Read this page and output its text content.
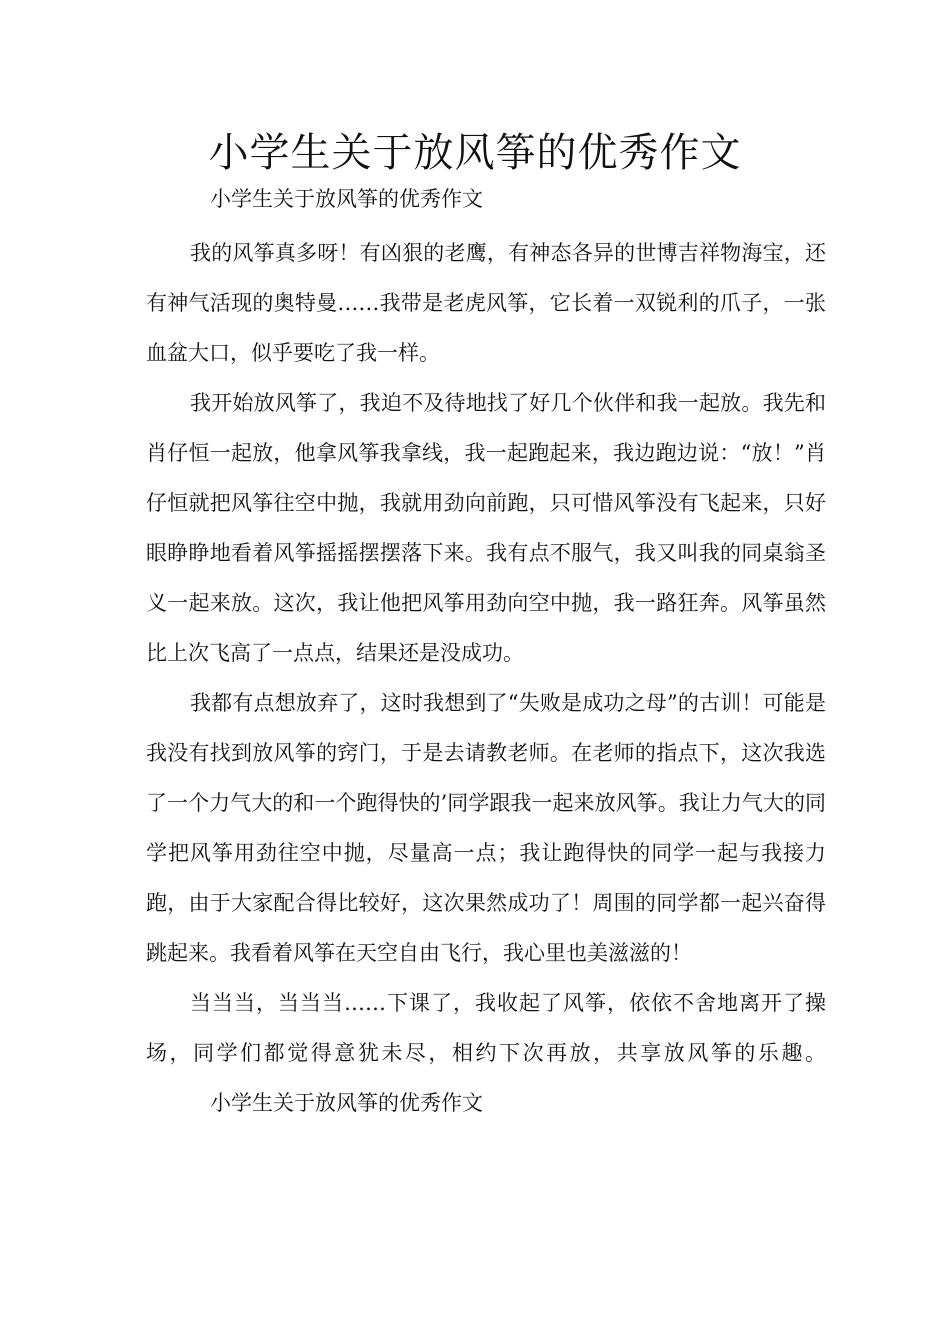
小学生关于放风筝的优秀作文

小学生关于放风筝的优秀作文

我的风筝真多呀！有凶狠的老鹰，有神态各异的世博吉祥物海宝，还有神气活现的奥特曼……我带是老虎风筝，它长着一双锐利的爪子，一张血盆大口，似乎要吃了我一样。

我开始放风筝了，我迫不及待地找了好几个伙伴和我一起放。我先和肖仔恒一起放，他拿风筝我拿线，我一起跑起来，我边跑边说：“放！”肖仔恒就把风筝往空中抛，我就用劲向前跑，只可惜风筝没有飞起来，只好眼睁睁地看着风筝摇摇摆摆落下来。我有点不服气，我又叫我的同桌翁圣义一起来放。这次，我让他把风筝用劲向空中抛，我一路狂奔。风筝虽然比上次飞高了一点点，结果还是没成功。

我都有点想放弃了，这时我想到了“失败是成功之母”的古训！可能是我没有找到放风筝的窍门，于是去请教老师。在老师的指点下，这次我选了一个力气大的和一个跑得快的’同学跟我一起来放风筝。我让力气大的同学把风筝用劲往空中抛，尽量高一点；我让跑得快的同学一起与我接力跑，由于大家配合得比较好，这次果然成功了！周围的同学都一起兴奋得跳起来。我看着风筝在天空自由飞行，我心里也美滋滋的！

当当当，当当当……下课了，我收起了风筝，依依不舍地离开了操场，同学们都觉得意犹未尽，相约下次再放，共享放风筝的乐趣。小学生关于放风筝的优秀作文
